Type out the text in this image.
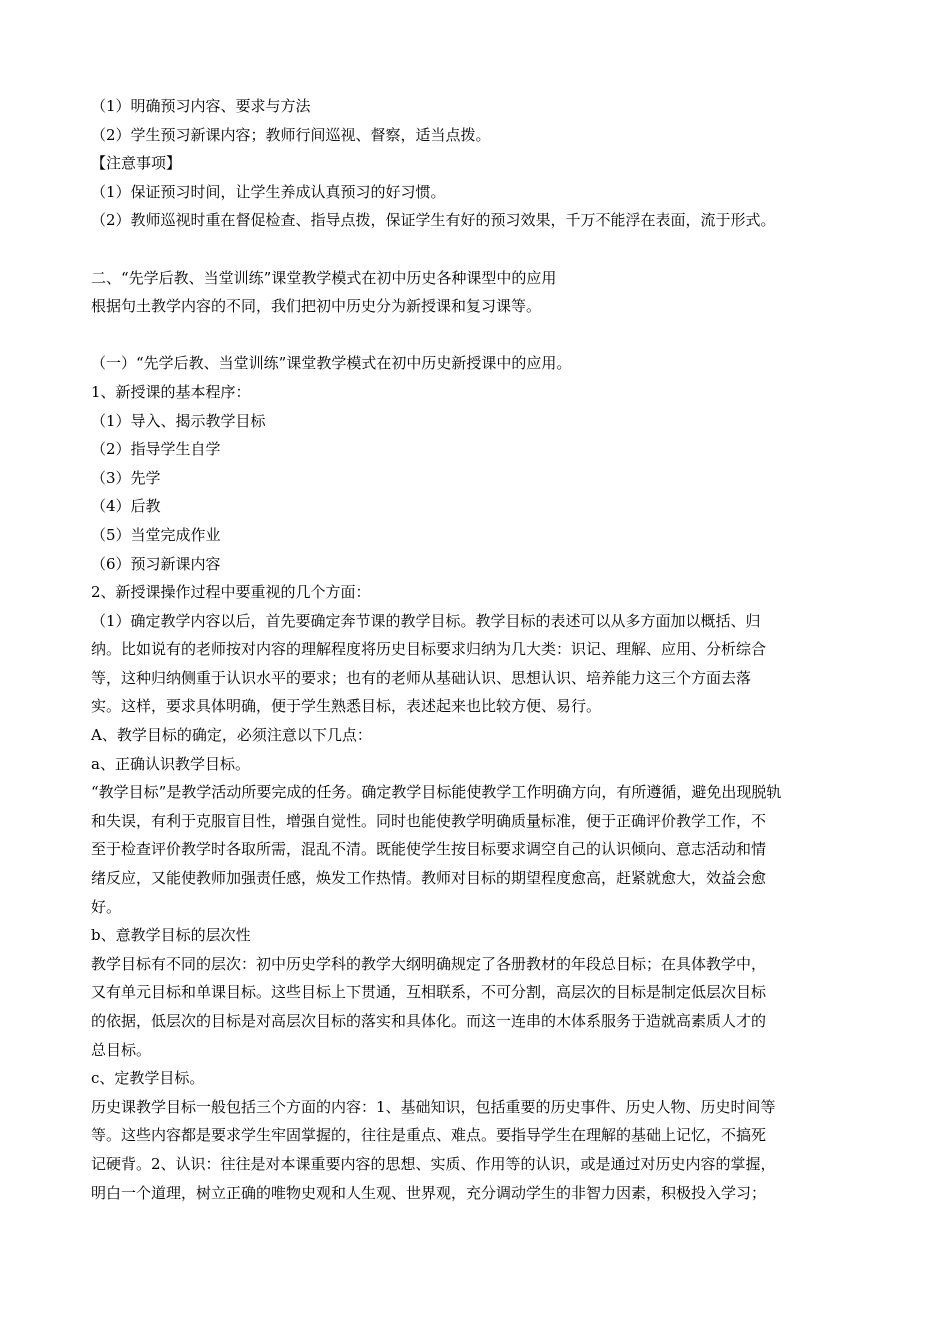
（1）明确预习内容、要求与方法
（2）学生预习新课内容；教师行间巡视、督察，适当点拨。
【注意事项】
（1）保证预习时间，让学生养成认真预习的好习惯。
（2）教师巡视时重在督促检查、指导点拨，保证学生有好的预习效果，千万不能浮在表面，流于形式。
二、“先学后教、当堂训练”课堂教学模式在初中历史各种课型中的应用
根据句土教学内容的不同，我们把初中历史分为新授课和复习课等。
（一）“先学后教、当堂训练”课堂教学模式在初中历史新授课中的应用。
1、新授课的基本程序：
（1）导入、揭示教学目标
（2）指导学生自学
（3）先学
（4）后教
（5）当堂完成作业
（6）预习新课内容
2、新授课操作过程中要重视的几个方面：
（1）确定教学内容以后，首先要确定奔节课的教学目标。教学目标的表述可以从多方面加以概括、归
纳。比如说有的老师按对内容的理解程度将历史目标要求归纳为几大类：识记、理解、应用、分析综合
等，这种归纳侧重于认识水平的要求；也有的老师从基础认识、思想认识、培养能力这三个方面去落
实。这样，要求具体明确，便于学生熟悉目标，表述起来也比较方便、易行。
A、教学目标的确定，必须注意以下几点：
a、正确认识教学目标。
“教学目标”是教学活动所要完成的任务。确定教学目标能使教学工作明确方向，有所遵循，避免出现脱轨
和失误，有利于克服盲目性，增强自觉性。同时也能使教学明确质量标准，便于正确评价教学工作，不
至于检查评价教学时各取所需，混乱不清。既能使学生按目标要求调空自己的认识倾向、意志活动和情
绪反应，又能使教师加强责任感，焕发工作热情。教师对目标的期望程度愈高，赶紧就愈大，效益会愈
好。
b、意教学目标的层次性
教学目标有不同的层次：初中历史学科的教学大纲明确规定了各册教材的年段总目标；在具体教学中，
又有单元目标和单课目标。这些目标上下贯通，互相联系，不可分割，高层次的目标是制定低层次目标
的依据，低层次的目标是对高层次目标的落实和具体化。而这一连串的木体系服务于造就高素质人才的
总目标。
c、定教学目标。
历史课教学目标一般包括三个方面的内容：1、基础知识，包括重要的历史事件、历史人物、历史时间等
等。这些内容都是要求学生牢固掌握的，往往是重点、难点。要指导学生在理解的基础上记忆，不搞死
记硬背。2、认识：往往是对本课重要内容的思想、实质、作用等的认识，或是通过对历史内容的掌握，
明白一个道理，树立正确的唯物史观和人生观、世界观，充分调动学生的非智力因素，积极投入学习；
